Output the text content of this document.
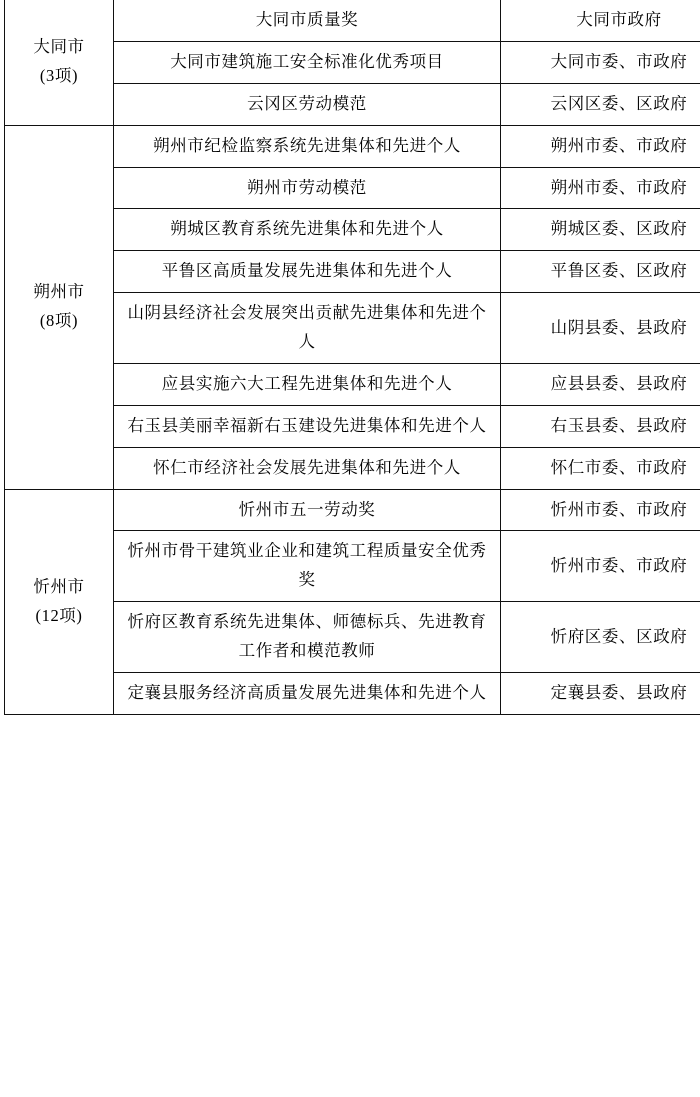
大同市
(3项)	大同市质量奖	大同市政府
	大同市建筑施工安全标准化优秀项目	大同市委、市政府
	云冈区劳动模范	云冈区委、区政府

朔州市
(8项)	朔州市纪检监察系统先进集体和先进个人	朔州市委、市政府
	朔州市劳动模范	朔州市委、市政府
	朔城区教育系统先进集体和先进个人	朔城区委、区政府
	平鲁区高质量发展先进集体和先进个人	平鲁区委、区政府
	山阴县经济社会发展突出贡献先进集体和先进个人	山阴县委、县政府
	应县实施六大工程先进集体和先进个人	应县县委、县政府
	右玉县美丽幸福新右玉建设先进集体和先进个人	右玉县委、县政府
	怀仁市经济社会发展先进集体和先进个人	怀仁市委、市政府

忻州市
(12项)	忻州市五一劳动奖	忻州市委、市政府
	忻州市骨干建筑业企业和建筑工程质量安全优秀奖	忻州市委、市政府
	忻府区教育系统先进集体、师德标兵、先进教育工作者和模范教师	忻府区委、区政府
	定襄县服务经济高质量发展先进集体和先进个人	定襄县委、县政府
